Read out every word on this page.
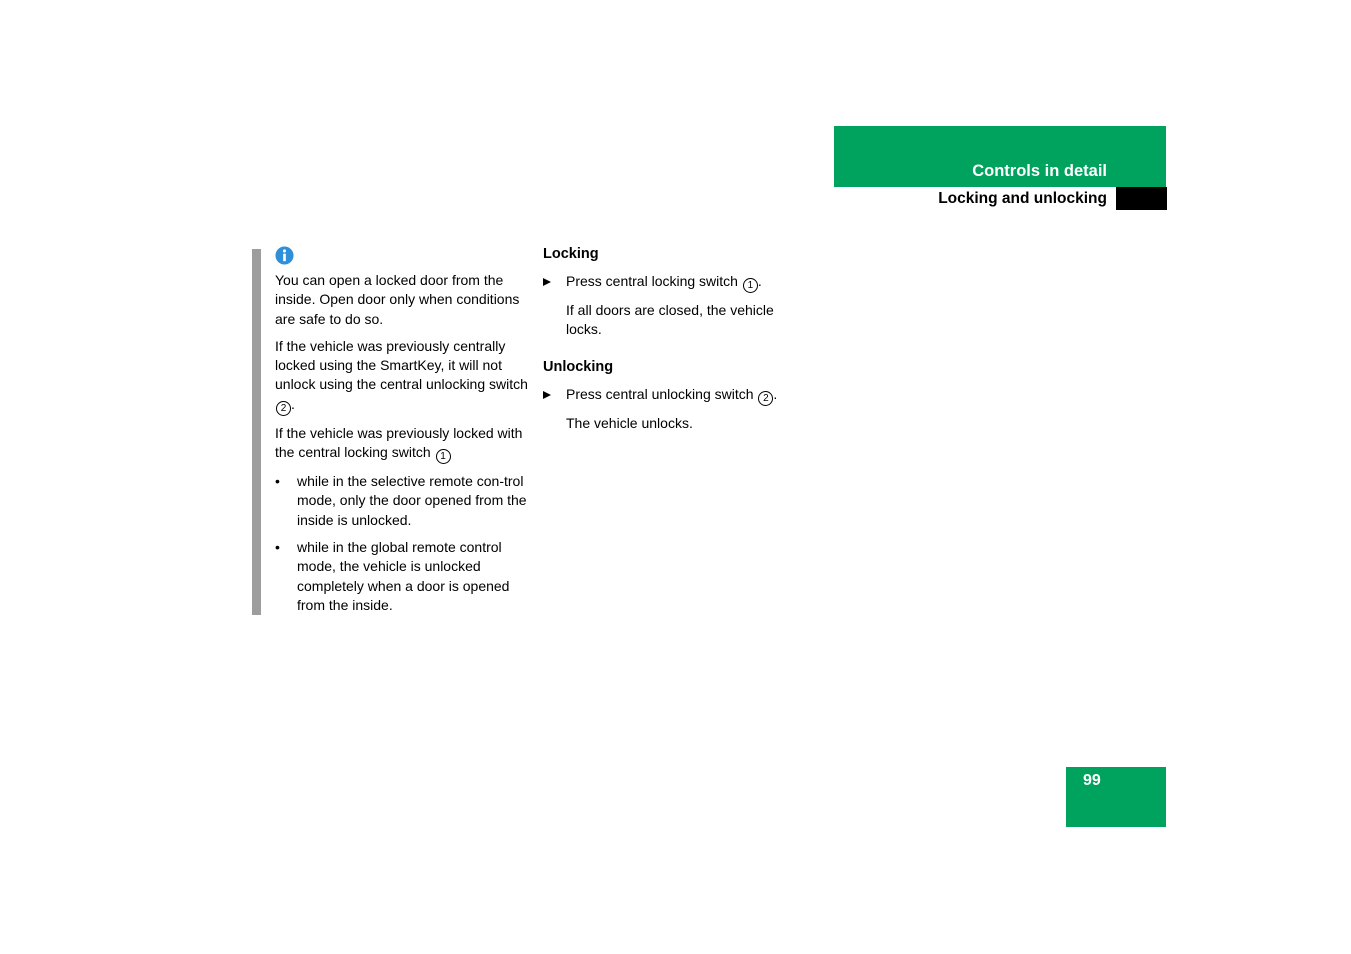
Controls in detail
Locking and unlocking

You can open a locked door from the inside. Open door only when conditions are safe to do so.

If the vehicle was previously centrally locked using the SmartKey, it will not unlock using the central unlocking switch 2 .

If the vehicle was previously locked with the central locking switch 1

• while in the selective remote con-trol mode, only the door opened from the inside is unlocked.
• while in the global remote control mode, the vehicle is unlocked completely when a door is opened from the inside.
Locking
Press central locking switch 1 .
If all doors are closed, the vehicle locks.
Unlocking
Press central unlocking switch 2 .
The vehicle unlocks.
99
